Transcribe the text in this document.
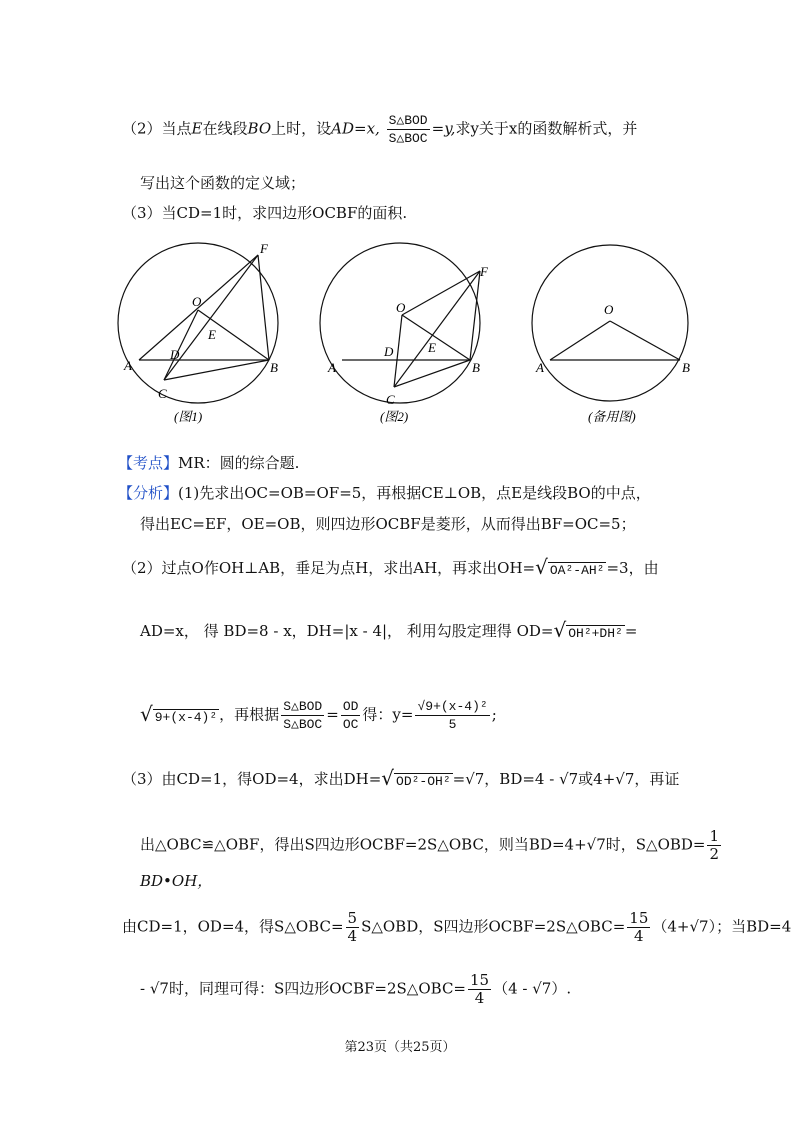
（2）当点E在线段BO上时，设AD=x, $\frac{\text{S△BOD}}{\text{S△BOC}} =y$,求y关于x的函数解析式，并
写出这个函数的定义域；
（3）当CD=1时，求四边形OCBF的面积.
A	B
C
D
E
F
O
(图1)
A	B
C
D	E
F
O
(图2)
A	B
O
(备用图)
【考点】MR：圆的综合题.
【分析】(1)先求出OC=OB=OF=5，再根据CE⊥OB，点E是线段BO的中点，
得出EC=EF，OE=OB，则四边形OCBF是菱形，从而得出BF=OC=5；
（2）过点O作OH⊥AB，垂足为点H，求出AH，再求出OH=√ OA²-AH² =3，由
AD=x， 得 BD=8 - x，DH=|x - 4|， 利用勾股定理得 OD=√ OH²+DH² =
√ 9+(x-4)² ，再根据 $\frac{\text{S△BOD}}{\text{S△BOC}} = \frac{OD}{OC}$ 得：$y= \frac{\text{√9+(x-4)²}}{5}$ ;
（3）由CD=1，得OD=4，求出DH=√ OD²-OH² =√7，BD=4 - √7或4+√7，再证
出△OBC≌△OBF，得出S四边形OCBF=2S△OBC，则当BD=4+√7时，S△OBD= $\frac{1}{2}$
BD•OH，
由CD=1，OD=4，得S△OBC= $\frac{5}{4}$ S△OBD，S四边形OCBF=2S△OBC= $\frac{15}{4} (4+√7)$；当BD=4
- √7时，同理可得：S四边形OCBF=2S△OBC= $\frac{15}{4} (4 - √7)$.
第23页（共25页）
